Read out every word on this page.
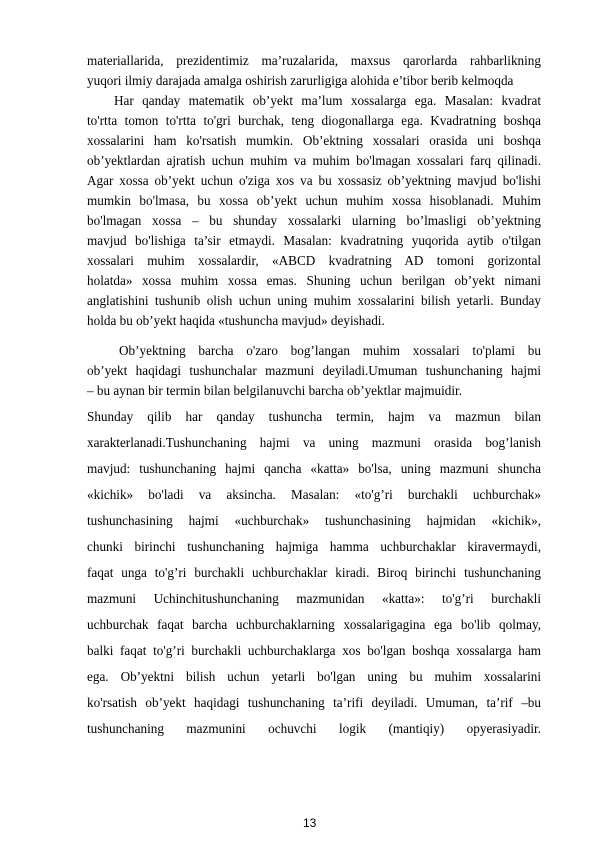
materiallarida, prezidentimiz ma’ruzalarida, maxsus qarorlarda rahbarlikning
yuqori ilmiy darajada amalga oshirish zarurligiga alohida e’tibor berib kelmoqda
Har qanday matematik ob’yekt ma’lum xossalarga ega. Masalan: kvadrat
to'rtta tomon to'rtta to'gri burchak, teng diogonallarga ega. Kvadratning boshqa
xossalarini ham ko'rsatish mumkin. Ob’ektning xossalari orasida uni boshqa
ob’yektlardan ajratish uchun muhim va muhim bo'lmagan xossalari farq qilinadi.
Agar xossa ob’yekt uchun o'ziga xos va bu xossasiz ob’yektning mavjud bo'lishi
mumkin bo'lmasa, bu xossa ob’yekt uchun muhim xossa hisoblanadi. Muhim
bo'lmagan xossa – bu shunday xossalarki ularning bo’lmasligi ob’yektning
mavjud bo'lishiga ta’sir etmaydi. Masalan: kvadratning yuqorida aytib o'tilgan
xossalari muhim xossalardir, «ABCD kvadratning AD tomoni gorizontal
holatda» xossa muhim xossa emas. Shuning uchun berilgan ob’yekt nimani
anglatishini tushunib olish uchun uning muhim xossalarini bilish yetarli. Bunday
holda bu ob’yekt haqida «tushuncha mavjud» deyishadi.
Ob’yektning barcha o'zaro bog’langan muhim xossalari to'plami bu
ob’yekt haqidagi tushunchalar mazmuni deyiladi.Umuman tushunchaning hajmi
– bu aynan bir termin bilan belgilanuvchi barcha ob’yektlar majmuidir.
Shunday qilib har qanday tushuncha termin, hajm va mazmun bilan
xarakterlanadi.Tushunchaning hajmi va uning mazmuni orasida bog’lanish
mavjud: tushunchaning hajmi qancha «katta» bo'lsa, uning mazmuni shuncha
«kichik» bo'ladi va aksincha. Masalan: «to'g’ri burchakli uchburchak»
tushunchasining hajmi «uchburchak» tushunchasining hajmidan «kichik»,
chunki birinchi tushunchaning hajmiga hamma uchburchaklar kiravermaydi,
faqat unga to'g’ri burchakli uchburchaklar kiradi. Biroq birinchi tushunchaning
mazmuni Uchinchitushunchaning mazmunidan «katta»: to'g’ri burchakli
uchburchak faqat barcha uchburchaklarning xossalarigagina ega bo'lib qolmay,
balki faqat to'g’ri burchakli uchburchaklarga xos bo'lgan boshqa xossalarga ham
ega. Ob’yektni bilish uchun yetarli bo'lgan uning bu muhim xossalarini
ko'rsatish ob’yekt haqidagi tushunchaning ta’rifi deyiladi. Umuman, ta’rif –bu
tushunchaning mazmunini ochuvchi logik (mantiqiy) opyerasiyadir.
13
